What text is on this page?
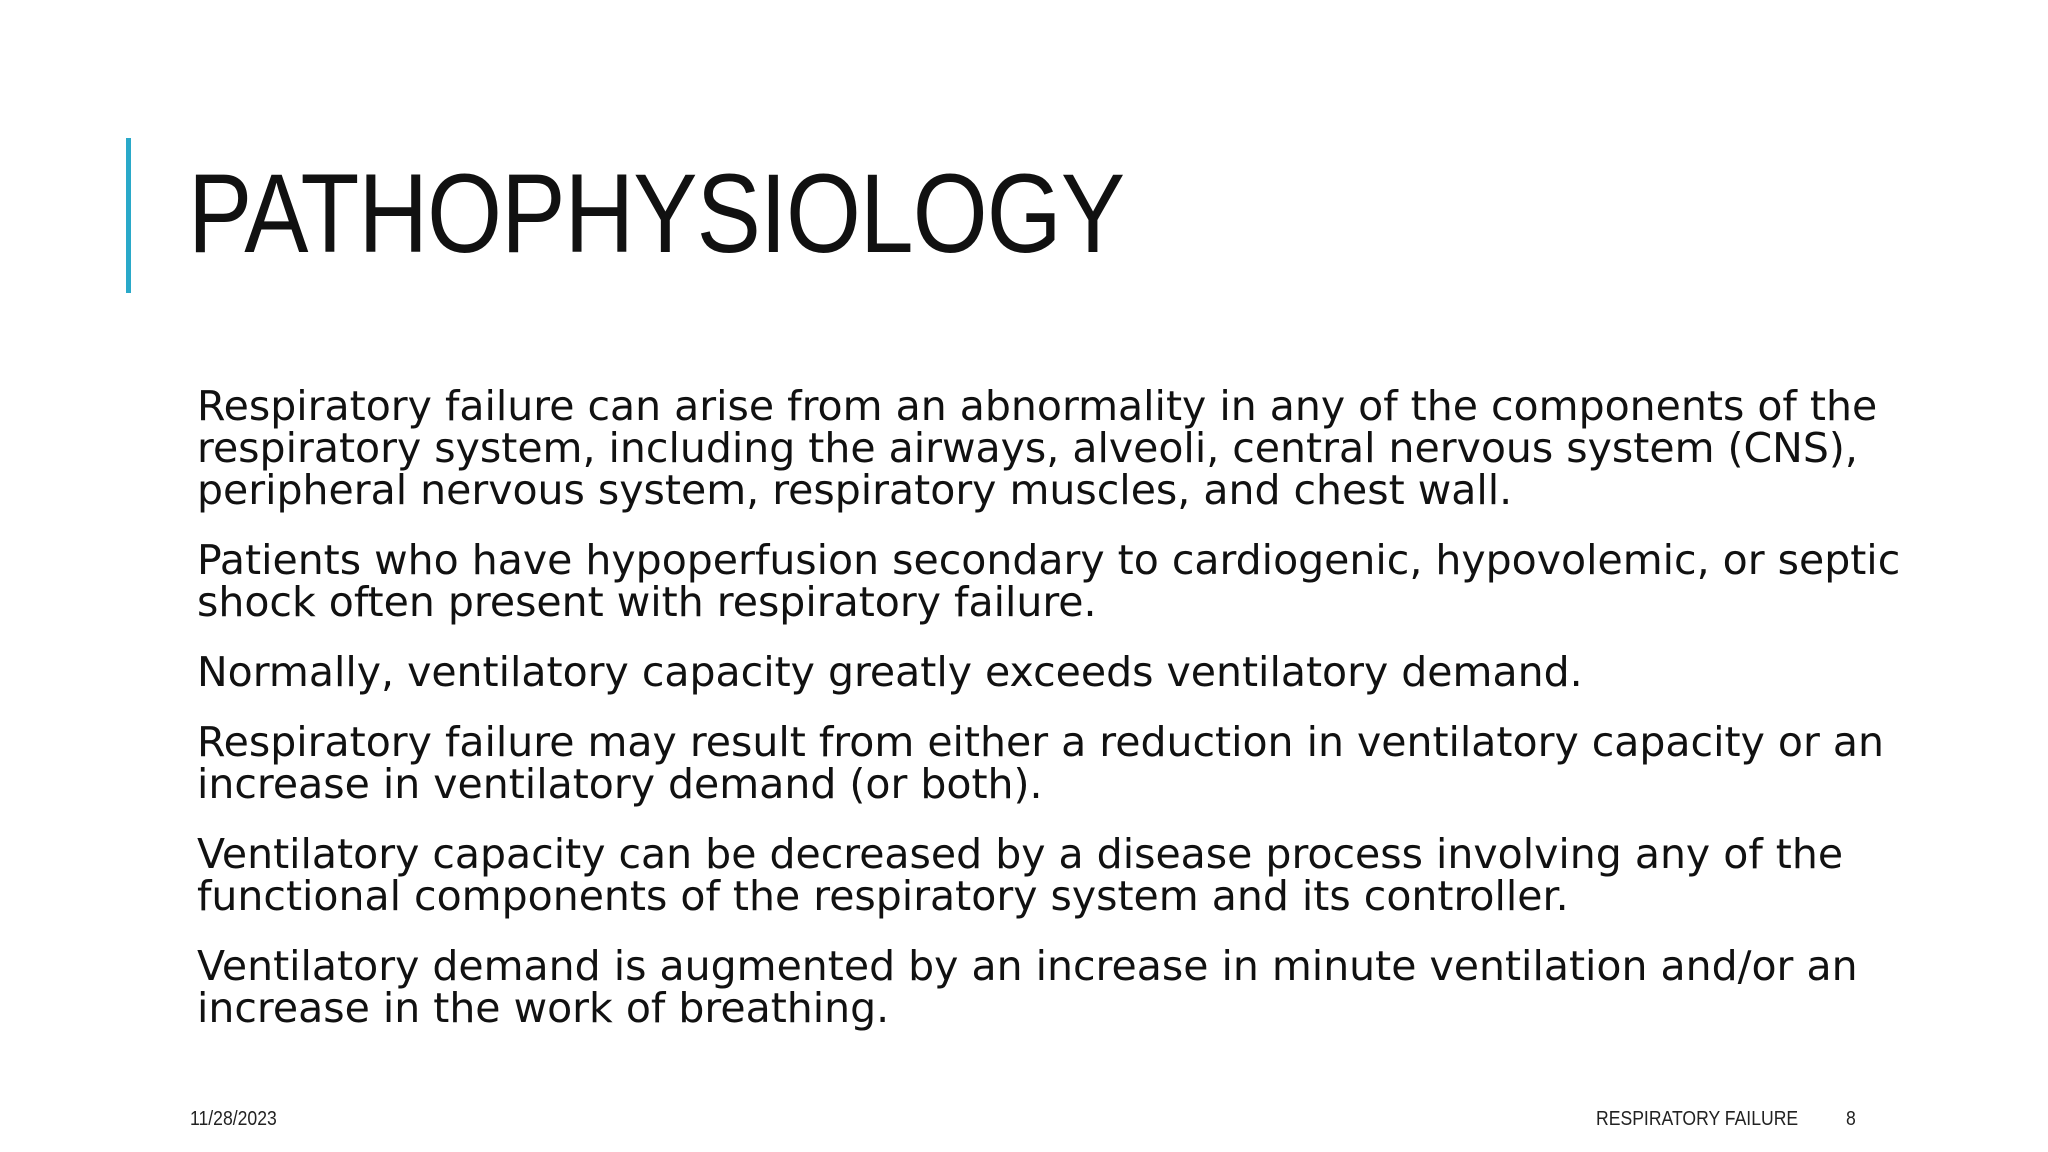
PATHOPHYSIOLOGY

Respiratory failure can arise from an abnormality in any of the components of the respiratory system, including the airways, alveoli, central nervous system (CNS), peripheral nervous system, respiratory muscles, and chest wall.

Patients who have hypoperfusion secondary to cardiogenic, hypovolemic, or septic shock often present with respiratory failure.

Normally, ventilatory capacity greatly exceeds ventilatory demand.

Respiratory failure may result from either a reduction in ventilatory capacity or an increase in ventilatory demand (or both).

Ventilatory capacity can be decreased by a disease process involving any of the functional components of the respiratory system and its controller.

Ventilatory demand is augmented by an increase in minute ventilation and/or an increase in the work of breathing.

11/28/2023	RESPIRATORY FAILURE 8
